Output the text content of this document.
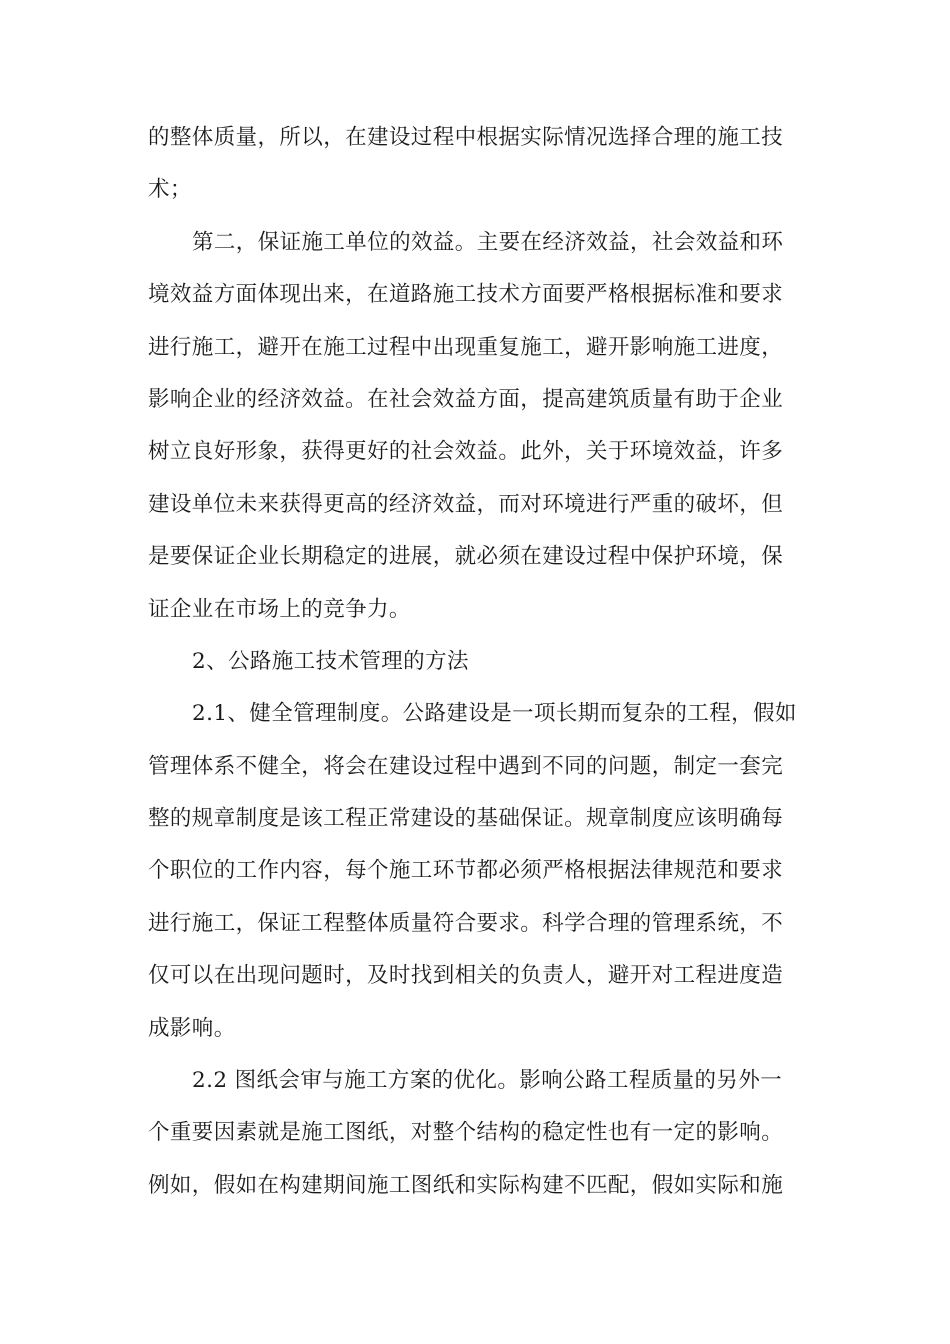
的整体质量，所以，在建设过程中根据实际情况选择合理的施工技
术；
第二，保证施工单位的效益。主要在经济效益，社会效益和环
境效益方面体现出来，在道路施工技术方面要严格根据标准和要求
进行施工，避开在施工过程中出现重复施工，避开影响施工进度，
影响企业的经济效益。在社会效益方面，提高建筑质量有助于企业
树立良好形象，获得更好的社会效益。此外，关于环境效益，许多
建设单位未来获得更高的经济效益，而对环境进行严重的破坏，但
是要保证企业长期稳定的进展，就必须在建设过程中保护环境，保
证企业在市场上的竞争力。
2、公路施工技术管理的方法
2.1、健全管理制度。公路建设是一项长期而复杂的工程，假如
管理体系不健全，将会在建设过程中遇到不同的问题，制定一套完
整的规章制度是该工程正常建设的基础保证。规章制度应该明确每
个职位的工作内容，每个施工环节都必须严格根据法律规范和要求
进行施工，保证工程整体质量符合要求。科学合理的管理系统，不
仅可以在出现问题时，及时找到相关的负责人，避开对工程进度造
成影响。
2.2 图纸会审与施工方案的优化。影响公路工程质量的另外一
个重要因素就是施工图纸，对整个结构的稳定性也有一定的影响。
例如，假如在构建期间施工图纸和实际构建不匹配，假如实际和施
